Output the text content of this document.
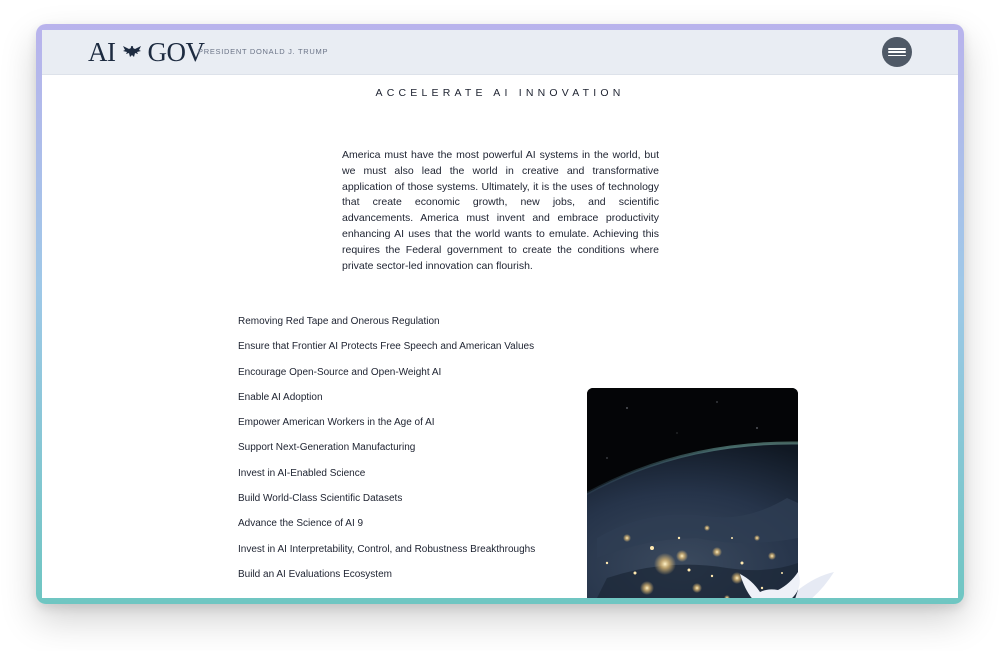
AI GOV
PRESIDENT DONALD J. TRUMP
ACCELERATE AI INNOVATION

America must have the most powerful AI systems in the world, but we must also lead the world in creative and transformative application of those systems. Ultimately, it is the uses of technology that create economic growth, new jobs, and scientific advancements. America must invent and embrace productivity enhancing AI uses that the world wants to emulate. Achieving this requires the Federal government to create the conditions where private sector-led innovation can flourish.

Removing Red Tape and Onerous Regulation
Ensure that Frontier AI Protects Free Speech and American Values
Encourage Open-Source and Open-Weight AI
Enable AI Adoption
Empower American Workers in the Age of AI
Support Next-Generation Manufacturing
Invest in AI-Enabled Science
Build World-Class Scientific Datasets
Advance the Science of AI 9
Invest in AI Interpretability, Control, and Robustness Breakthroughs
Build an AI Evaluations Ecosystem
